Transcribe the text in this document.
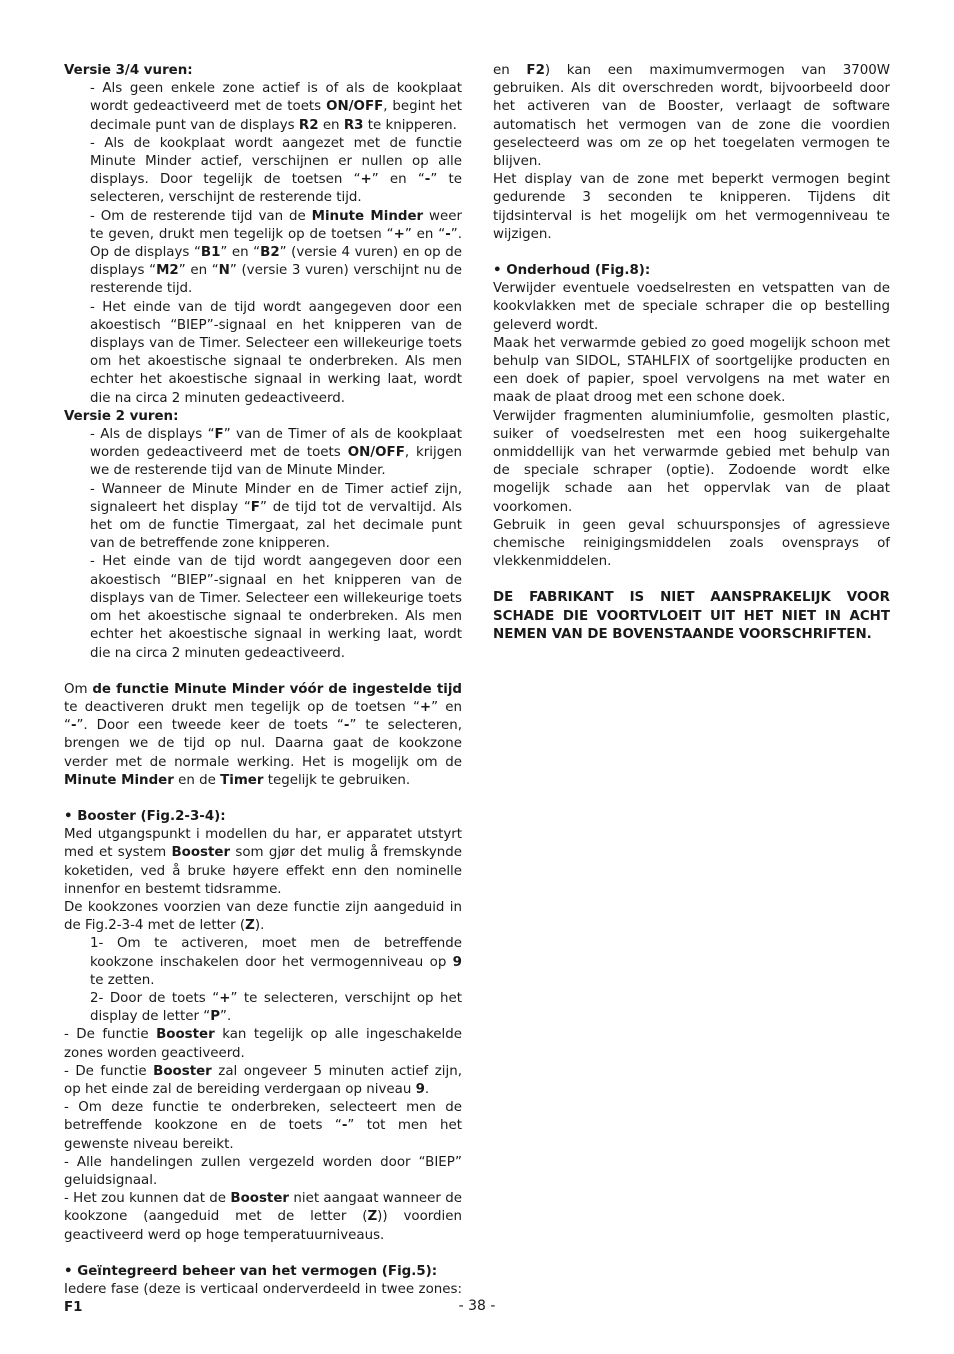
Versie 3/4 vuren:

- Als geen enkele zone actief is of als de kookplaat wordt gedeactiveerd met de toets ON/OFF, begint het decimale punt van de displays R2 en R3 te knipperen.

- Als de kookplaat wordt aangezet met de functie Minute Minder actief, verschijnen er nullen op alle displays. Door tegelijk de toetsen “+” en “-” te selecteren, verschijnt de resterende tijd.

- Om de resterende tijd van de Minute Minder weer te geven, drukt men tegelijk op de toetsen “+” en “-”. Op de displays “B1” en “B2” (versie 4 vuren) en op de displays “M2” en “N” (versie 3 vuren) verschijnt nu de resterende tijd.

- Het einde van de tijd wordt aangegeven door een akoestisch “BIEP”-signaal en het knipperen van de displays van de Timer. Selecteer een willekeurige toets om het akoestische signaal te onderbreken. Als men echter het akoestische signaal in werking laat, wordt die na circa 2 minuten gedeactiveerd.

Versie 2 vuren:

- Als de displays “F” van de Timer of als de kookplaat worden gedeactiveerd met de toets ON/OFF, krijgen we de resterende tijd van de Minute Minder.

- Wanneer de Minute Minder en de Timer actief zijn, signaleert het display “F” de tijd tot de vervaltijd. Als het om de functie Timergaat, zal het decimale punt van de betreffende zone knipperen.

- Het einde van de tijd wordt aangegeven door een akoestisch “BIEP”-signaal en het knipperen van de displays van de Timer. Selecteer een willekeurige toets om het akoestische signaal te onderbreken. Als men echter het akoestische signaal in werking laat, wordt die na circa 2 minuten gedeactiveerd.

Om de functie Minute Minder vóór de ingestelde tijd te deactiveren drukt men tegelijk op de toetsen “+” en “-”. Door een tweede keer de toets “-” te selecteren, brengen we de tijd op nul. Daarna gaat de kookzone verder met de normale werking. Het is mogelijk om de Minute Minder en de Timer tegelijk te gebruiken.

• Booster (Fig.2-3-4):

Med utgangspunkt i modellen du har, er apparatet utstyrt med et system Booster som gjør det mulig å fremskynde koketiden, ved å bruke høyere effekt enn den nominelle innenfor en bestemt tidsramme.

De kookzones voorzien van deze functie zijn aangeduid in de Fig.2-3-4 met de letter (Z).

1- Om te activeren, moet men de betreffende kookzone inschakelen door het vermogenniveau op 9 te zetten.

2- Door de toets “+” te selecteren, verschijnt op het display de letter “P”.

- De functie Booster kan tegelijk op alle ingeschakelde zones worden geactiveerd.

- De functie Booster zal ongeveer 5 minuten actief zijn, op het einde zal de bereiding verdergaan op niveau 9.

- Om deze functie te onderbreken, selecteert men de betreffende kookzone en de toets “-” tot men het gewenste niveau bereikt.

- Alle handelingen zullen vergezeld worden door “BIEP” geluidsignaal.

- Het zou kunnen dat de Booster niet aangaat wanneer de kookzone (aangeduid met de letter (Z)) voordien geactiveerd werd op hoge temperatuurniveaus.

• Geïntegreerd beheer van het vermogen (Fig.5):

Iedere fase (deze is verticaal onderverdeeld in twee zones: F1

en F2) kan een maximumvermogen van 3700W gebruiken. Als dit overschreden wordt, bijvoorbeeld door het activeren van de Booster, verlaagt de software automatisch het vermogen van de zone die voordien geselecteerd was om ze op het toegelaten vermogen te blijven.

Het display van de zone met beperkt vermogen begint gedurende 3 seconden te knipperen. Tijdens dit tijdsinterval is het mogelijk om het vermogenniveau te wijzigen.

• Onderhoud (Fig.8):

Verwijder eventuele voedselresten en vetspatten van de kookvlakken met de speciale schraper die op bestelling geleverd wordt.

Maak het verwarmde gebied zo goed mogelijk schoon met behulp van SIDOL, STAHLFIX of soortgelijke producten en een doek of papier, spoel vervolgens na met water en maak de plaat droog met een schone doek.

Verwijder fragmenten aluminiumfolie, gesmolten plastic, suiker of voedselresten met een hoog suikergehalte onmiddellijk van het verwarmde gebied met behulp van de speciale schraper (optie). Zodoende wordt elke mogelijk schade aan het oppervlak van de plaat voorkomen.

Gebruik in geen geval schuursponsjes of agressieve chemische reinigingsmiddelen zoals ovensprays of vlekkenmiddelen.

DE FABRIKANT IS NIET AANSPRAKELIJK VOOR SCHADE DIE VOORTVLOEIT UIT HET NIET IN ACHT NEMEN VAN DE BOVENSTAANDE VOORSCHRIFTEN.

- 38 -
